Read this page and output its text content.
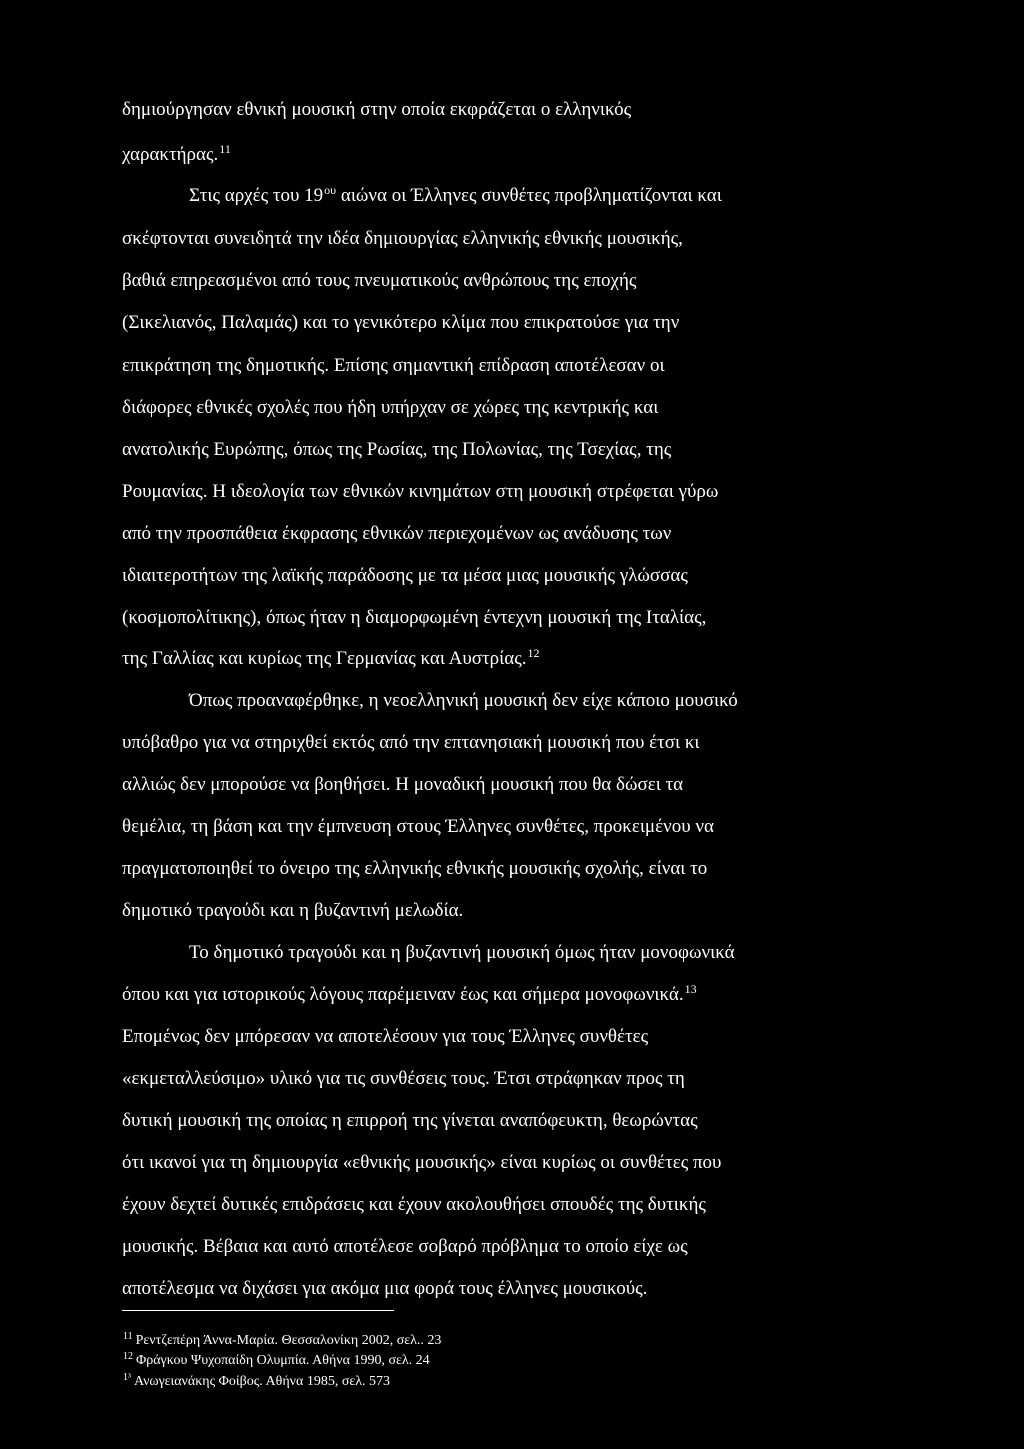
δημιούργησαν εθνική μουσική στην οποία εκφράζεται ο ελληνικός
χαρακτήρας.$^{11}$
Στις αρχές του $19^{o\upsilon}$ αιώνα οι Έλληνες συνθέτες προβληματίζονται και
σκέφτονται συνειδητά την ιδέα δημιουργίας ελληνικής εθνικής μουσικής,
βαθιά επηρεασμένοι από τους πνευματικούς ανθρώπους της εποχής
(Σικελιανός, Παλαμάς) και το γενικότερο κλίμα που επικρατούσε για την
επικράτηση της δημοτικής. Επίσης σημαντική επίδραση αποτέλεσαν οι
διάφορες εθνικές σχολές που ήδη υπήρχαν σε χώρες της κεντρικής και
ανατολικής Ευρώπης, όπως της Ρωσίας, της Πολωνίας, της Τσεχίας, της
Ρουμανίας. Η ιδεολογία των εθνικών κινημάτων στη μουσική στρέφεται γύρω
από την προσπάθεια έκφρασης εθνικών περιεχομένων ως ανάδυσης των
ιδιαιτεροτήτων της λαϊκής παράδοσης με τα μέσα μιας μουσικής γλώσσας
(κοσμοπολίτικης), όπως ήταν η διαμορφωμένη έντεχνη μουσική της Ιταλίας,
της Γαλλίας και κυρίως της Γερμανίας και Αυστρίας.$^{12}$
Όπως προαναφέρθηκε, η νεοελληνική μουσική δεν είχε κάποιο μουσικό
υπόβαθρο για να στηριχθεί εκτός από την επτανησιακή μουσική που έτσι κι
αλλιώς δεν μπορούσε να βοηθήσει. Η μοναδική μουσική που θα δώσει τα
θεμέλια, τη βάση και την έμπνευση στους Έλληνες συνθέτες, προκειμένου να
πραγματοποιηθεί το όνειρο της ελληνικής εθνικής μουσικής σχολής, είναι το
δημοτικό τραγούδι και η βυζαντινή μελωδία.
Το δημοτικό τραγούδι και η βυζαντινή μουσική όμως ήταν μονοφωνικά
όπου και για ιστορικούς λόγους παρέμειναν έως και σήμερα μονοφωνικά.$^{13}$
Επομένως δεν μπόρεσαν να αποτελέσουν για τους Έλληνες συνθέτες
«εκμεταλλεύσιμο» υλικό για τις συνθέσεις τους. Έτσι στράφηκαν προς τη
δυτική μουσική της οποίας η επιρροή της γίνεται αναπόφευκτη, θεωρώντας
ότι ικανοί για τη δημιουργία «εθνικής μουσικής» είναι κυρίως οι συνθέτες που
έχουν δεχτεί δυτικές επιδράσεις και έχουν ακολουθήσει σπουδές της δυτικής
μουσικής. Βέβαια και αυτό αποτέλεσε σοβαρό πρόβλημα το οποίο είχε ως
αποτέλεσμα να διχάσει για ακόμα μια φορά τους έλληνες μουσικούς.
$^{11}$ Ρεντζεπέρη Άννα-Μαρία. Θεσσαλονίκη 2002, σελ.. 23
$^{12}$ Φράγκου Ψυχοπαίδη Ολυμπία. Αθήνα 1990, σελ. 24
$^{1^3}$ Ανωγειανάκης Φοίβος. Αθήνα 1985, σελ. 573
